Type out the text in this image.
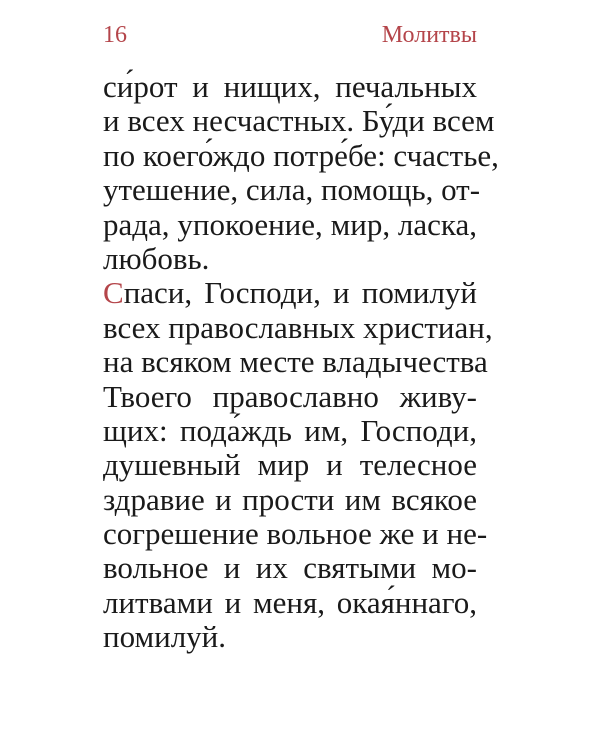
16	Молитвы
си́рот и нищих, печальных
и всех несчастных. Бу́ди всем
по коего́ждо потре́бе: счастье,
утешение, сила, помощь, от-
рада, упокоение, мир, ласка,
любовь.
Спаси, Господи, и помилуй
всех православных христиан,
на всяком месте владычества
Твоего православно живу-
щих: пода́ждь им, Господи,
душевный мир и телесное
здравие и прости им всякое
согрешение вольное же и не-
вольное и их святыми мо-
литвами и меня, окая́ннаго,
помилуй.
